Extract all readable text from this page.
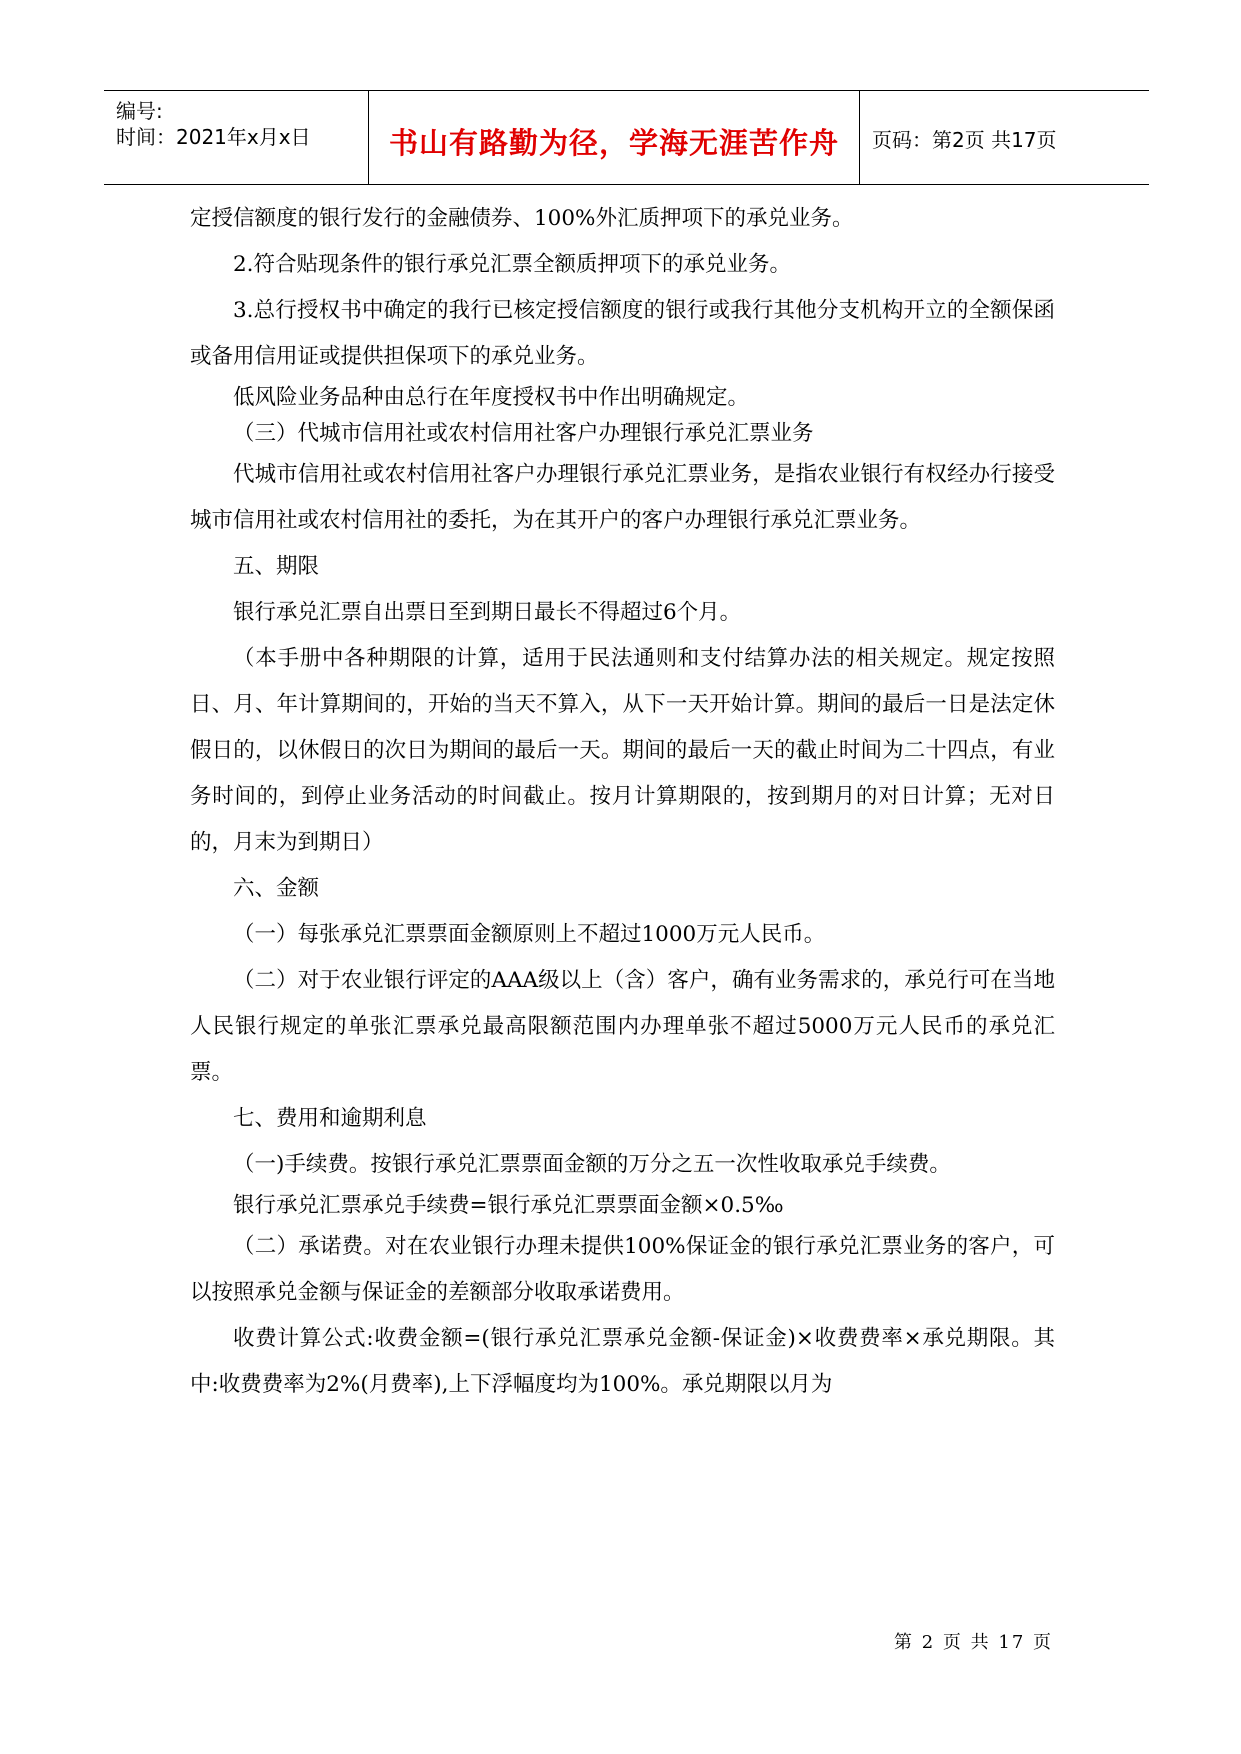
编号:
时间：2021年x月x日	书山有路勤为径，学海无涯苦作舟	页码：第2页 共17页

定授信额度的银行发行的金融债券、100%外汇质押项下的承兑业务。

2.符合贴现条件的银行承兑汇票全额质押项下的承兑业务。

3.总行授权书中确定的我行已核定授信额度的银行或我行其他分支机构开立的全额保函或备用信用证或提供担保项下的承兑业务。

低风险业务品种由总行在年度授权书中作出明确规定。

（三）代城市信用社或农村信用社客户办理银行承兑汇票业务

代城市信用社或农村信用社客户办理银行承兑汇票业务，是指农业银行有权经办行接受城市信用社或农村信用社的委托，为在其开户的客户办理银行承兑汇票业务。

五、期限

银行承兑汇票自出票日至到期日最长不得超过6个月。

（本手册中各种期限的计算，适用于民法通则和支付结算办法的相关规定。规定按照日、月、年计算期间的，开始的当天不算入，从下一天开始计算。期间的最后一日是法定休假日的，以休假日的次日为期间的最后一天。期间的最后一天的截止时间为二十四点，有业务时间的，到停止业务活动的时间截止。按月计算期限的，按到期月的对日计算；无对日的，月末为到期日）

六、金额

（一）每张承兑汇票票面金额原则上不超过1000万元人民币。

（二）对于农业银行评定的AAA级以上（含）客户，确有业务需求的，承兑行可在当地人民银行规定的单张汇票承兑最高限额范围内办理单张不超过5000万元人民币的承兑汇票。

七、费用和逾期利息

（一)手续费。按银行承兑汇票票面金额的万分之五一次性收取承兑手续费。

银行承兑汇票承兑手续费=银行承兑汇票票面金额×0.5‰

（二）承诺费。对在农业银行办理未提供100%保证金的银行承兑汇票业务的客户，可以按照承兑金额与保证金的差额部分收取承诺费用。

收费计算公式:收费金额=(银行承兑汇票承兑金额-保证金)×收费费率×承兑期限。其中:收费费率为2%(月费率),上下浮幅度均为100%。承兑期限以月为

第 2 页 共 17 页
